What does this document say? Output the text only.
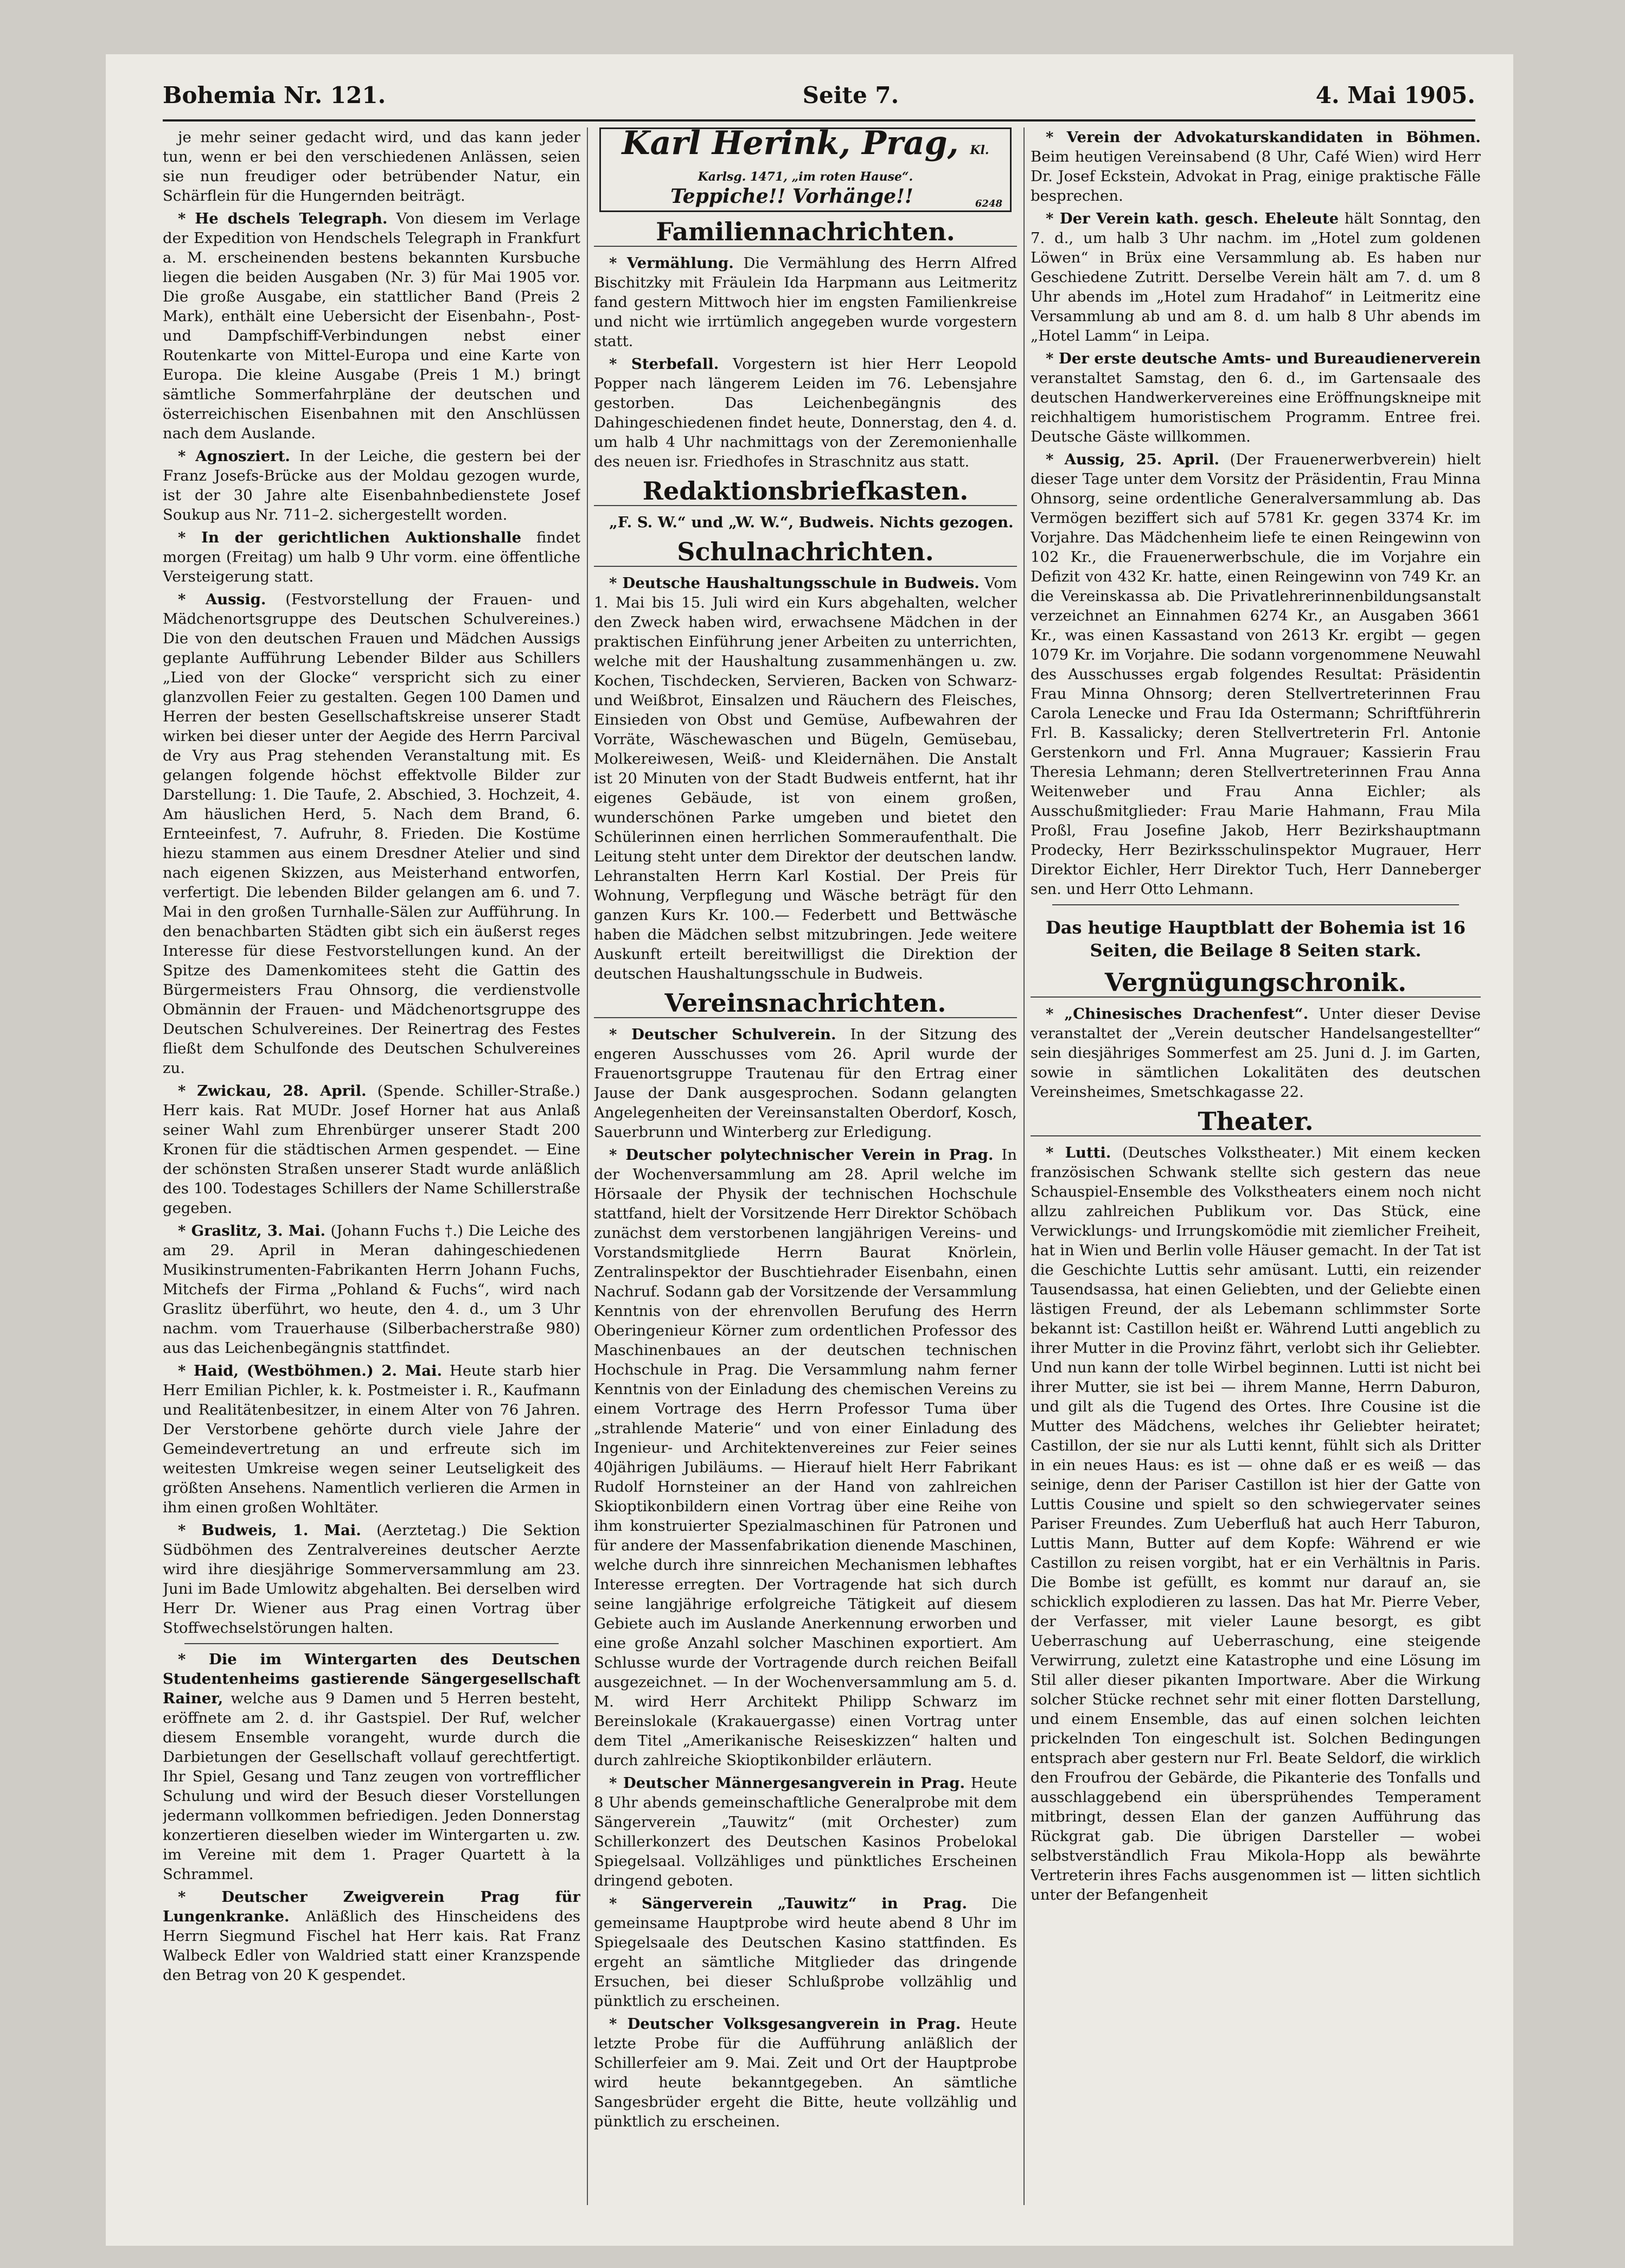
Bohemia Nr. 121.	Seite 7.	4. Mai 1905.

je mehr seiner gedacht wird, und das kann jeder tun, wenn er bei den verschiedenen Anlässen, seien sie nun freudiger oder betrübender Natur, ein Schärflein für die Hungernden beiträgt.

* He dschels Telegraph. Von diesem im Verlage der Expedition von Hendschels Telegraph in Frankfurt a. M. erscheinenden bestens bekannten Kursbuche liegen die beiden Ausgaben (Nr. 3) für Mai 1905 vor. Die große Ausgabe, ein stattlicher Band (Preis 2 Mark), enthält eine Uebersicht der Eisenbahn-, Post- und Dampfschiff-Verbindungen nebst einer Routenkarte von Mittel-Europa und eine Karte von Europa. Die kleine Ausgabe (Preis 1 M.) bringt sämtliche Sommerfahrpläne der deutschen und österreichischen Eisenbahnen mit den Anschlüssen nach dem Auslande.

* Agnosziert. In der Leiche, die gestern bei der Franz Josefs-Brücke aus der Moldau gezogen wurde, ist der 30 Jahre alte Eisenbahnbedienstete Josef Soukup aus Nr. 711–2. sichergestellt worden.

* In der gerichtlichen Auktionshalle findet morgen (Freitag) um halb 9 Uhr vorm. eine öffentliche Versteigerung statt.

* Aussig. (Festvorstellung der Frauen- und Mädchenortsgruppe des Deutschen Schulvereines.) Die von den deutschen Frauen und Mädchen Aussigs geplante Aufführung Lebender Bilder aus Schillers „Lied von der Glocke“ verspricht sich zu einer glanzvollen Feier zu gestalten. Gegen 100 Damen und Herren der besten Gesellschaftskreise unserer Stadt wirken bei dieser unter der Aegide des Herrn Parcival de Vry aus Prag stehenden Veranstaltung mit. Es gelangen folgende höchst effektvolle Bilder zur Darstellung: 1. Die Taufe, 2. Abschied, 3. Hochzeit, 4. Am häuslichen Herd, 5. Nach dem Brand, 6. Ernteeinfest, 7. Aufruhr, 8. Frieden. Die Kostüme hiezu stammen aus einem Dresdner Atelier und sind nach eigenen Skizzen, aus Meisterhand entworfen, verfertigt. Die lebenden Bilder gelangen am 6. und 7. Mai in den großen Turnhalle-Sälen zur Aufführung. In den benachbarten Städten gibt sich ein äußerst reges Interesse für diese Festvorstellungen kund. An der Spitze des Damenkomitees steht die Gattin des Bürgermeisters Frau Ohnsorg, die verdienstvolle Obmännin der Frauen- und Mädchenortsgruppe des Deutschen Schulvereines. Der Reinertrag des Festes fließt dem Schulfonde des Deutschen Schulvereines zu.

* Zwickau, 28. April. (Spende. Schiller-Straße.) Herr kais. Rat MUDr. Josef Horner hat aus Anlaß seiner Wahl zum Ehrenbürger unserer Stadt 200 Kronen für die städtischen Armen gespendet. — Eine der schönsten Straßen unserer Stadt wurde anläßlich des 100. Todestages Schillers der Name Schillerstraße gegeben.

* Graslitz, 3. Mai. (Johann Fuchs †.) Die Leiche des am 29. April in Meran dahingeschiedenen Musikinstrumenten-Fabrikanten Herrn Johann Fuchs, Mitchefs der Firma „Pohland & Fuchs“, wird nach Graslitz überführt, wo heute, den 4. d., um 3 Uhr nachm. vom Trauerhause (Silberbacherstraße 980) aus das Leichenbegängnis stattfindet.

* Haid, (Westböhmen.) 2. Mai. Heute starb hier Herr Emilian Pichler, k. k. Postmeister i. R., Kaufmann und Realitätenbesitzer, in einem Alter von 76 Jahren. Der Verstorbene gehörte durch viele Jahre der Gemeindevertretung an und erfreute sich im weitesten Umkreise wegen seiner Leutseligkeit des größten Ansehens. Namentlich verlieren die Armen in ihm einen großen Wohltäter.

* Budweis, 1. Mai. (Aerztetag.) Die Sektion Südböhmen des Zentralvereines deutscher Aerzte wird ihre diesjährige Sommerversammlung am 23. Juni im Bade Umlowitz abgehalten. Bei derselben wird Herr Dr. Wiener aus Prag einen Vortrag über Stoffwechselstörungen halten.

* Die im Wintergarten des Deutschen Studentenheims gastierende Sängergesellschaft Rainer, welche aus 9 Damen und 5 Herren besteht, eröffnete am 2. d. ihr Gastspiel. Der Ruf, welcher diesem Ensemble vorangeht, wurde durch die Darbietungen der Gesellschaft vollauf gerechtfertigt. Ihr Spiel, Gesang und Tanz zeugen von vortrefflicher Schulung und wird der Besuch dieser Vorstellungen jedermann vollkommen befriedigen. Jeden Donnerstag konzertieren dieselben wieder im Wintergarten u. zw. im Vereine mit dem 1. Prager Quartett à la Schrammel.

* Deutscher Zweigverein Prag für Lungenkranke. Anläßlich des Hinscheidens des Herrn Siegmund Fischel hat Herr kais. Rat Franz Walbeck Edler von Waldried statt einer Kranzspende den Betrag von 20 K gespendet.

Karl Herink, Prag, Kl. Karlsg. 1471, „im roten Hause“.
Teppiche!! Vorhänge!!	6248
Familiennachrichten.

* Vermählung. Die Vermählung des Herrn Alfred Bischitzky mit Fräulein Ida Harpmann aus Leitmeritz fand gestern Mittwoch hier im engsten Familienkreise und nicht wie irrtümlich angegeben wurde vorgestern statt.

* Sterbefall. Vorgestern ist hier Herr Leopold Popper nach längerem Leiden im 76. Lebensjahre gestorben. Das Leichenbegängnis des Dahingeschiedenen findet heute, Donnerstag, den 4. d. um halb 4 Uhr nachmittags von der Zeremonienhalle des neuen isr. Friedhofes in Straschnitz aus statt.

Redaktionsbriefkasten.

„F. S. W.“ und „W. W.“, Budweis. Nichts gezogen.

Schulnachrichten.

* Deutsche Haushaltungsschule in Budweis. Vom 1. Mai bis 15. Juli wird ein Kurs abgehalten, welcher den Zweck haben wird, erwachsene Mädchen in der praktischen Einführung jener Arbeiten zu unterrichten, welche mit der Haushaltung zusammenhängen u. zw. Kochen, Tischdecken, Servieren, Backen von Schwarz- und Weißbrot, Einsalzen und Räuchern des Fleisches, Einsieden von Obst und Gemüse, Aufbewahren der Vorräte, Wäschewaschen und Bügeln, Gemüsebau, Molkereiwesen, Weiß- und Kleidernähen. Die Anstalt ist 20 Minuten von der Stadt Budweis entfernt, hat ihr eigenes Gebäude, ist von einem großen, wunderschönen Parke umgeben und bietet den Schülerinnen einen herrlichen Sommeraufenthalt. Die Leitung steht unter dem Direktor der deutschen landw. Lehranstalten Herrn Karl Kostial. Der Preis für Wohnung, Verpflegung und Wäsche beträgt für den ganzen Kurs Kr. 100.— Federbett und Bettwäsche haben die Mädchen selbst mitzubringen. Jede weitere Auskunft erteilt bereitwilligst die Direktion der deutschen Haushaltungsschule in Budweis.

Vereinsnachrichten.

* Deutscher Schulverein. In der Sitzung des engeren Ausschusses vom 26. April wurde der Frauenortsgruppe Trautenau für den Ertrag einer Jause der Dank ausgesprochen. Sodann gelangten Angelegenheiten der Vereinsanstalten Oberdorf, Kosch, Sauerbrunn und Winterberg zur Erledigung.

* Deutscher polytechnischer Verein in Prag. In der Wochenversammlung am 28. April welche im Hörsaale der Physik der technischen Hochschule stattfand, hielt der Vorsitzende Herr Direktor Schöbach zunächst dem verstorbenen langjährigen Vereins- und Vorstandsmitgliede Herrn Baurat Knörlein, Zentralinspektor der Buschtiehrader Eisenbahn, einen Nachruf. Sodann gab der Vorsitzende der Versammlung Kenntnis von der ehrenvollen Berufung des Herrn Oberingenieur Körner zum ordentlichen Professor des Maschinenbaues an der deutschen technischen Hochschule in Prag. Die Versammlung nahm ferner Kenntnis von der Einladung des chemischen Vereins zu einem Vortrage des Herrn Professor Tuma über „strahlende Materie“ und von einer Einladung des Ingenieur- und Architektenvereines zur Feier seines 40jährigen Jubiläums. — Hierauf hielt Herr Fabrikant Rudolf Hornsteiner an der Hand von zahlreichen Skioptikonbildern einen Vortrag über eine Reihe von ihm konstruierter Spezialmaschinen für Patronen und für andere der Massenfabrikation dienende Maschinen, welche durch ihre sinnreichen Mechanismen lebhaftes Interesse erregten. Der Vortragende hat sich durch seine langjährige erfolgreiche Tätigkeit auf diesem Gebiete auch im Auslande Anerkennung erworben und eine große Anzahl solcher Maschinen exportiert. Am Schlusse wurde der Vortragende durch reichen Beifall ausgezeichnet. — In der Wochenversammlung am 5. d. M. wird Herr Architekt Philipp Schwarz im Bereinslokale (Krakauergasse) einen Vortrag unter dem Titel „Amerikanische Reiseskizzen“ halten und durch zahlreiche Skioptikonbilder erläutern.

* Deutscher Männergesangverein in Prag. Heute 8 Uhr abends gemeinschaftliche Generalprobe mit dem Sängerverein „Tauwitz“ (mit Orchester) zum Schillerkonzert des Deutschen Kasinos Probelokal Spiegelsaal. Vollzähliges und pünktliches Erscheinen dringend geboten.

* Sängerverein „Tauwitz“ in Prag. Die gemeinsame Hauptprobe wird heute abend 8 Uhr im Spiegelsaale des Deutschen Kasino stattfinden. Es ergeht an sämtliche Mitglieder das dringende Ersuchen, bei dieser Schlußprobe vollzählig und pünktlich zu erscheinen.

* Deutscher Volksgesangverein in Prag. Heute letzte Probe für die Aufführung anläßlich der Schillerfeier am 9. Mai. Zeit und Ort der Hauptprobe wird heute bekanntgegeben. An sämtliche Sangesbrüder ergeht die Bitte, heute vollzählig und pünktlich zu erscheinen.

* Verein der Advokaturskandidaten in Böhmen. Beim heutigen Vereinsabend (8 Uhr, Café Wien) wird Herr Dr. Josef Eckstein, Advokat in Prag, einige praktische Fälle besprechen.

* Der Verein kath. gesch. Eheleute hält Sonntag, den 7. d., um halb 3 Uhr nachm. im „Hotel zum goldenen Löwen“ in Brüx eine Versammlung ab. Es haben nur Geschiedene Zutritt. Derselbe Verein hält am 7. d. um 8 Uhr abends im „Hotel zum Hradahof“ in Leitmeritz eine Versammlung ab und am 8. d. um halb 8 Uhr abends im „Hotel Lamm“ in Leipa.

* Der erste deutsche Amts- und Bureaudienerverein veranstaltet Samstag, den 6. d., im Gartensaale des deutschen Handwerkervereines eine Eröffnungskneipe mit reichhaltigem humoristischem Programm. Entree frei. Deutsche Gäste willkommen.

* Aussig, 25. April. (Der Frauenerwerbverein) hielt dieser Tage unter dem Vorsitz der Präsidentin, Frau Minna Ohnsorg, seine ordentliche Generalversammlung ab. Das Vermögen beziffert sich auf 5781 Kr. gegen 3374 Kr. im Vorjahre. Das Mädchenheim liefe te einen Reingewinn von 102 Kr., die Frauenerwerbschule, die im Vorjahre ein Defizit von 432 Kr. hatte, einen Reingewinn von 749 Kr. an die Vereinskassa ab. Die Privatlehrerinnenbildungsanstalt verzeichnet an Einnahmen 6274 Kr., an Ausgaben 3661 Kr., was einen Kassastand von 2613 Kr. ergibt — gegen 1079 Kr. im Vorjahre. Die sodann vorgenommene Neuwahl des Ausschusses ergab folgendes Resultat: Präsidentin Frau Minna Ohnsorg; deren Stellvertreterinnen Frau Carola Lenecke und Frau Ida Ostermann; Schriftführerin Frl. B. Kassalicky; deren Stellvertreterin Frl. Antonie Gerstenkorn und Frl. Anna Mugrauer; Kassierin Frau Theresia Lehmann; deren Stellvertreterinnen Frau Anna Weitenweber und Frau Anna Eichler; als Ausschußmitglieder: Frau Marie Hahmann, Frau Mila Proßl, Frau Josefine Jakob, Herr Bezirkshauptmann Prodecky, Herr Bezirksschulinspektor Mugrauer, Herr Direktor Eichler, Herr Direktor Tuch, Herr Danneberger sen. und Herr Otto Lehmann.

Das heutige Hauptblatt der Bohemia ist 16 Seiten, die Beilage 8 Seiten stark.
Vergnügungschronik.

* „Chinesisches Drachenfest“. Unter dieser Devise veranstaltet der „Verein deutscher Handelsangestellter“ sein diesjähriges Sommerfest am 25. Juni d. J. im Garten, sowie in sämtlichen Lokalitäten des deutschen Vereinsheimes, Smetschkagasse 22.

Theater.

* Lutti. (Deutsches Volkstheater.) Mit einem kecken französischen Schwank stellte sich gestern das neue Schauspiel-Ensemble des Volkstheaters einem noch nicht allzu zahlreichen Publikum vor. Das Stück, eine Verwicklungs- und Irrungskomödie mit ziemlicher Freiheit, hat in Wien und Berlin volle Häuser gemacht. In der Tat ist die Geschichte Luttis sehr amüsant. Lutti, ein reizender Tausendsassa, hat einen Geliebten, und der Geliebte einen lästigen Freund, der als Lebemann schlimmster Sorte bekannt ist: Castillon heißt er. Während Lutti angeblich zu ihrer Mutter in die Provinz fährt, verlobt sich ihr Geliebter. Und nun kann der tolle Wirbel beginnen. Lutti ist nicht bei ihrer Mutter, sie ist bei — ihrem Manne, Herrn Daburon, und gilt als die Tugend des Ortes. Ihre Cousine ist die Mutter des Mädchens, welches ihr Geliebter heiratet; Castillon, der sie nur als Lutti kennt, fühlt sich als Dritter in ein neues Haus: es ist — ohne daß er es weiß — das seinige, denn der Pariser Castillon ist hier der Gatte von Luttis Cousine und spielt so den schwiegervater seines Pariser Freundes. Zum Ueberfluß hat auch Herr Taburon, Luttis Mann, Butter auf dem Kopfe: Während er wie Castillon zu reisen vorgibt, hat er ein Verhältnis in Paris. Die Bombe ist gefüllt, es kommt nur darauf an, sie schicklich explodieren zu lassen. Das hat Mr. Pierre Veber, der Verfasser, mit vieler Laune besorgt, es gibt Ueberraschung auf Ueberraschung, eine steigende Verwirrung, zuletzt eine Katastrophe und eine Lösung im Stil aller dieser pikanten Importware. Aber die Wirkung solcher Stücke rechnet sehr mit einer flotten Darstellung, und einem Ensemble, das auf einen solchen leichten prickelnden Ton eingeschult ist. Solchen Bedingungen entsprach aber gestern nur Frl. Beate Seldorf, die wirklich den Froufrou der Gebärde, die Pikanterie des Tonfalls und ausschlaggebend ein übersprühendes Temperament mitbringt, dessen Elan der ganzen Aufführung das Rückgrat gab. Die übrigen Darsteller — wobei selbstverständlich Frau Mikola-Hopp als bewährte Vertreterin ihres Fachs ausgenommen ist — litten sichtlich unter der Befangenheit
